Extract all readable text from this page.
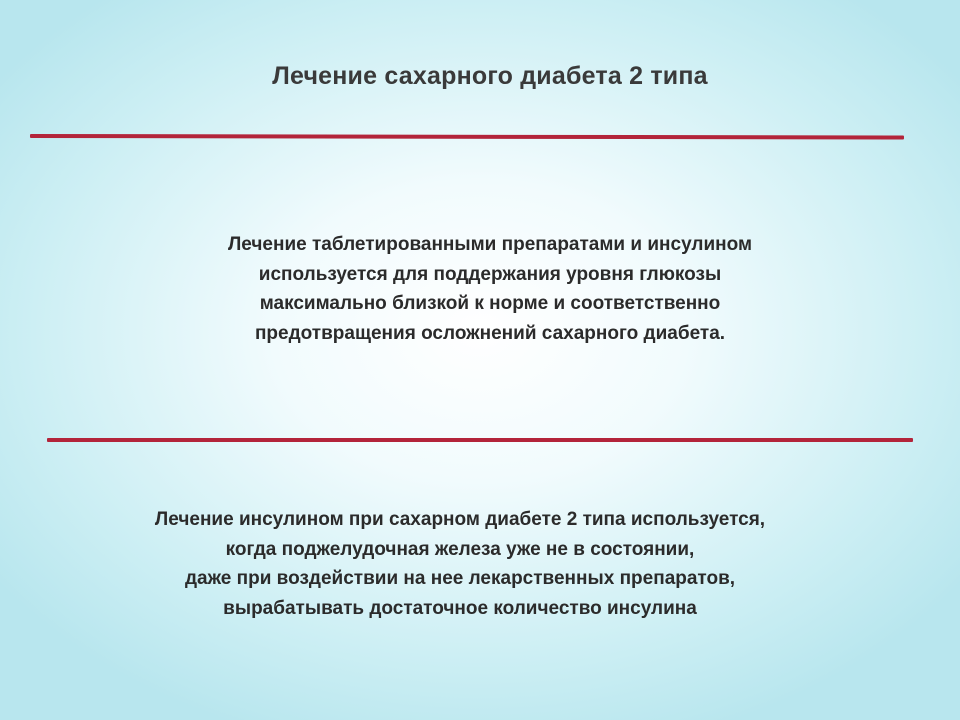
Лечение сахарного диабета 2 типа
Лечение таблетированными препаратами и инсулином
используется для поддержания уровня глюкозы
максимально близкой к норме и соответственно
предотвращения осложнений сахарного диабета.
Лечение инсулином при сахарном диабете 2 типа используется,
когда поджелудочная железа уже не в состоянии,
даже при воздействии на нее лекарственных препаратов,
вырабатывать достаточное количество инсулина
